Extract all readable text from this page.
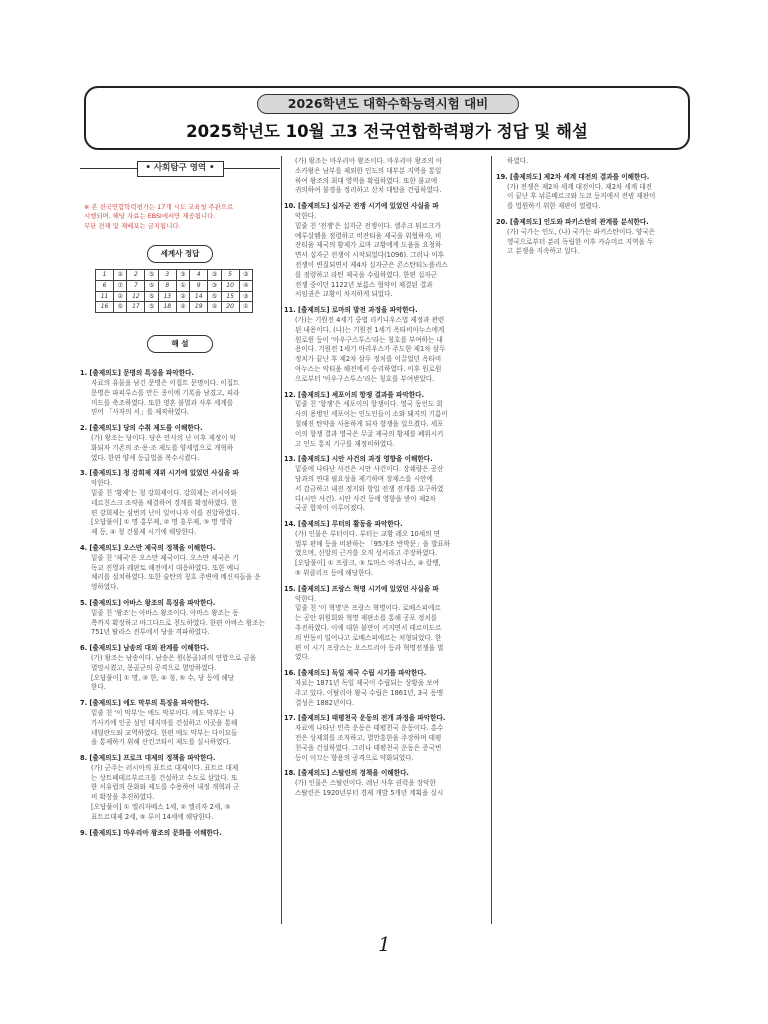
2026학년도 대학수학능력시험 대비
2025학년도 10월 고3 전국연합학력평가 정답 및 해설
• 사회탐구 영역 •
※ 본 전국연합학력평가는 17개 시도 교육청 주관으로
시행되며, 해당 자료는 EBSi에서만 제공됩니다.
무단 전재 및 재배포는 금지됩니다.
세계사 정답
1	②	2	⑤	3	③	4	③	5	③
6	⑦	7	⑤	8	①	9	③	10	④
11	②	12	⑤	13	②	14	⑤	15	③
16	⑤	17	⑤	18	②	19	②	20	①
해 설
1. [출제의도] 문명의 특징을 파악한다.
자료의 유물을 남긴 문명은 이집트 문명이다. 이집트
문명은 파피루스를 만든 종이에 기록을 남겼고, 피라
미드를 축조하였다. 또한 영혼 불멸과 사후 세계를
믿어 「사자의 서」를 제작하였다.
2. [출제의도] 당의 수취 제도를 이해한다.
(가) 왕조는 당이다. 당은 안사의 난 이후 재정이 악
화되자 기존의 조·용·조 제도를 양세법으로 개혁하
였다. 한편 양세 등급법을 복수시켰다.
3. [출제의도] 청 강희제 재위 시기에 있었던 사실을 파
악한다.
밑줄 친 '황제'는 청 강희제이다. 강희제는 러시아와
네르친스크 조약을 체결하여 경계를 확정하였다. 한
편 강희제는 삼번의 난이 일어나자 이를 진압하였다.
[오답풀이] ① 명 홍무제, ② 명 흥무제, ③ 명 영락
제 등, ④ 청 건륭제 시기에 해당한다.
4. [출제의도] 오스만 제국의 정책을 이해한다.
밑줄 친 '제국'은 오스만 제국이다. 오스만 제국은 기
독교 진영과 레판토 해전에서 대응하였다. 또한 예니
체리를 설치하였다. 또한 술탄의 칭호 주변에 메신저들을 운
영하였다.
5. [출제의도] 아바스 왕조의 특징을 파악한다.
밑줄 친 '왕조'는 아바스 왕조이다. 아바스 왕조는 동
쪽까지 확장하고 바그다드로 천도하였다. 한편 아바스 왕조는
751년 탈라스 전투에서 당을 격파하였다.
6. [출제의도] 남송의 대외 관계를 이해한다.
(가) 왕조는 남송이다. 남송은 원(몽골)과의 연합으로 금을
멸망시켰고, 몽골군의 공격으로 멸망하였다.
[오답풀이] ① 명, ③ 한, ④ 청, ⑤ 수, 당 등에 해당
한다.
7. [출제의도] 에도 막부의 특징을 파악한다.
밑줄 친 '이 막부'는 에도 막부이다. 에도 막부는 나
가사키에 인공 섬인 데지마를 건설하고 이곳을 통해
네덜란드와 교역하였다. 한편 에도 막부는 다이묘들
을 통제하기 위해 산킨코타이 제도를 실시하였다.
8. [출제의도] 프로크 대제의 정책을 파악한다.
(가) 군주는 러시아의 표트르 대제이다. 표트르 대제
는 상트페테르부르크를 건설하고 수도로 삼았다. 또
한 서유럽의 문화와 제도를 수용하여 내정 개혁과 군
비 확장을 추진하였다.
[오답풀이] ① 엘리자베스 1세, ② 엘리자 2세, ③
표트르대제 2세, ⑤ 루이 14세에 해당한다.
9. [출제의도] 마우리아 왕조의 문화를 이해한다.
(가) 왕조는 마우리아 왕조이다. 마우리아 왕조의 아
소카왕은 남부를 제외한 인도의 대부분 지역을 통일
하여 왕조의 최대 영역을 확립하였다. 또한 불교에
귀의하여 불경을 정리하고 산치 대탑을 건립하였다.
10. [출제의도] 십자군 전쟁 시기에 있었던 사실을 파
악한다.
밑줄 친 '전쟁'은 십자군 전쟁이다. 셀주크 튀르크가
예루살렘을 점령하고 비잔티움 제국을 위협하자, 비
잔티움 제국의 황제가 로마 교황에게 도움을 요청하
면서 십자군 전쟁이 시작되었다(1096). 그러나 이후
전쟁이 변질되면서 제4차 십자군은 콘스탄티노플리스
를 점령하고 라틴 제국을 수립하였다. 한편 십자군
전쟁 중이던 1122년 보름스 협약이 체결된 결과
서임권은 교황이 차지하게 되었다.
11. [출제의도] 로마의 발전 과정을 파악한다.
(가)는 기원전 4세기 중엽 리키니우스법 제정과 관련
된 내용이다. (나)는 기원전 1세기 옥타비아누스에게
원로원 등이 '아우구스투스'라는 칭호를 부여하는 내
용이다. 기원전 1세기 마리우스가 주도한 제1차 삼두
정치가 끝난 후 제2차 삼두 정치를 이끌었던 옥타비
아누스는 악티움 해전에서 승리하였다. 이후 원로원
으로부터 '아우구스투스'라는 칭호를 부여받았다.
12. [출제의도] 셰포이의 항쟁 결과를 파악한다.
밑줄 친 '항쟁'은 세포이의 항쟁이다. 영국 동인도 회
사의 용병인 세포이는 인도인들이 소와 돼지의 기름이
칠해진 탄약을 사용하게 되자 항쟁을 일으켰다. 세포
이의 항쟁 결과 영국은 무굴 제국의 황제를 폐위시키
고 인도 통치 기구를 재정비하였다.
13. [출제의도] 시안 사건의 과정 영향을 이해한다.
밑줄에 나타난 사건은 시안 사건이다. 장쉐량은 공산
당과의 연대 필요성을 제기하며 장제스를 시안에
서 감금하고 내전 정지와 항일 전쟁 전개를 요구하였
다(시안 사건). 시안 사건 등에 영향을 받아 제2차
국공 합작이 이루어졌다.
14. [출제의도] 루터의 활동을 파악한다.
(가) 인물은 루터이다. 루터는 교황 레오 10세의 면
벌부 판매 등을 비판하는 「95개조 반박문」을 발표하
였으며, 신앙의 근거를 오직 성서라고 주장하였다.
[오답풀이] ① 프랑크, ③ 토마스 아퀴나스, ④ 칼뱅,
⑤ 위클리프 등에 해당한다.
15. [출제의도] 프랑스 혁명 시기에 있었던 사실을 파
악한다.
밑줄 친 '이 혁명'은 프랑스 혁명이다. 로베스피에르
는 공안 위원회와 혁명 재판소를 통해 공포 정치를
추진하였다. 이에 대한 불만이 커지면서 테르미도르
의 반동이 일어나고 로베스피에르는 처형되었다. 한
편 이 시기 프랑스는 오스트리아 등과 혁명전쟁을 벌
였다.
16. [출제의도] 독일 제국 수립 시기를 파악한다.
자료는 1871년 독일 제국이 수립되는 상황을 보여
주고 있다. 이탈리아 왕국 수립은 1861년, 3국 동맹
결성은 1882년이다.
17. [출제의도] 태평천국 운동의 전개 과정을 파악한다.
자료에 나타난 민족 운동은 태평천국 운동이다. 홍수
전은 상제회를 조직하고, 멸만흥한을 주장하며 태평
천국을 건설하였다. 그러나 태평천국 운동은 증국번
등이 이끄는 향용의 공격으로 약화되었다.
18. [출제의도] 스탈린의 정책을 이해한다.
(가) 인물은 스탈린이다. 레닌 사후 권력을 장악한
스탈린은 1920년부터 경제 개발 5개년 계획을 실시
하였다.
19. [출제의도] 제2차 세계 대전의 결과를 이해한다.
(가) 전쟁은 제2차 세계 대전이다. 제2차 세계 대전
이 끝난 후 뉘른베르크와 도쿄 등지에서 전범 재판이
를 법원하기 위한 재판이 열렸다.
20. [출제의도] 인도와 파키스탄의 관계를 분석한다.
(가) 국가는 인도, (나) 국가는 파키스탄이다. 양국은
영국으로부터 분리 독립한 이후 카슈미르 지역을 두
고 분쟁을 지속하고 있다.
1
